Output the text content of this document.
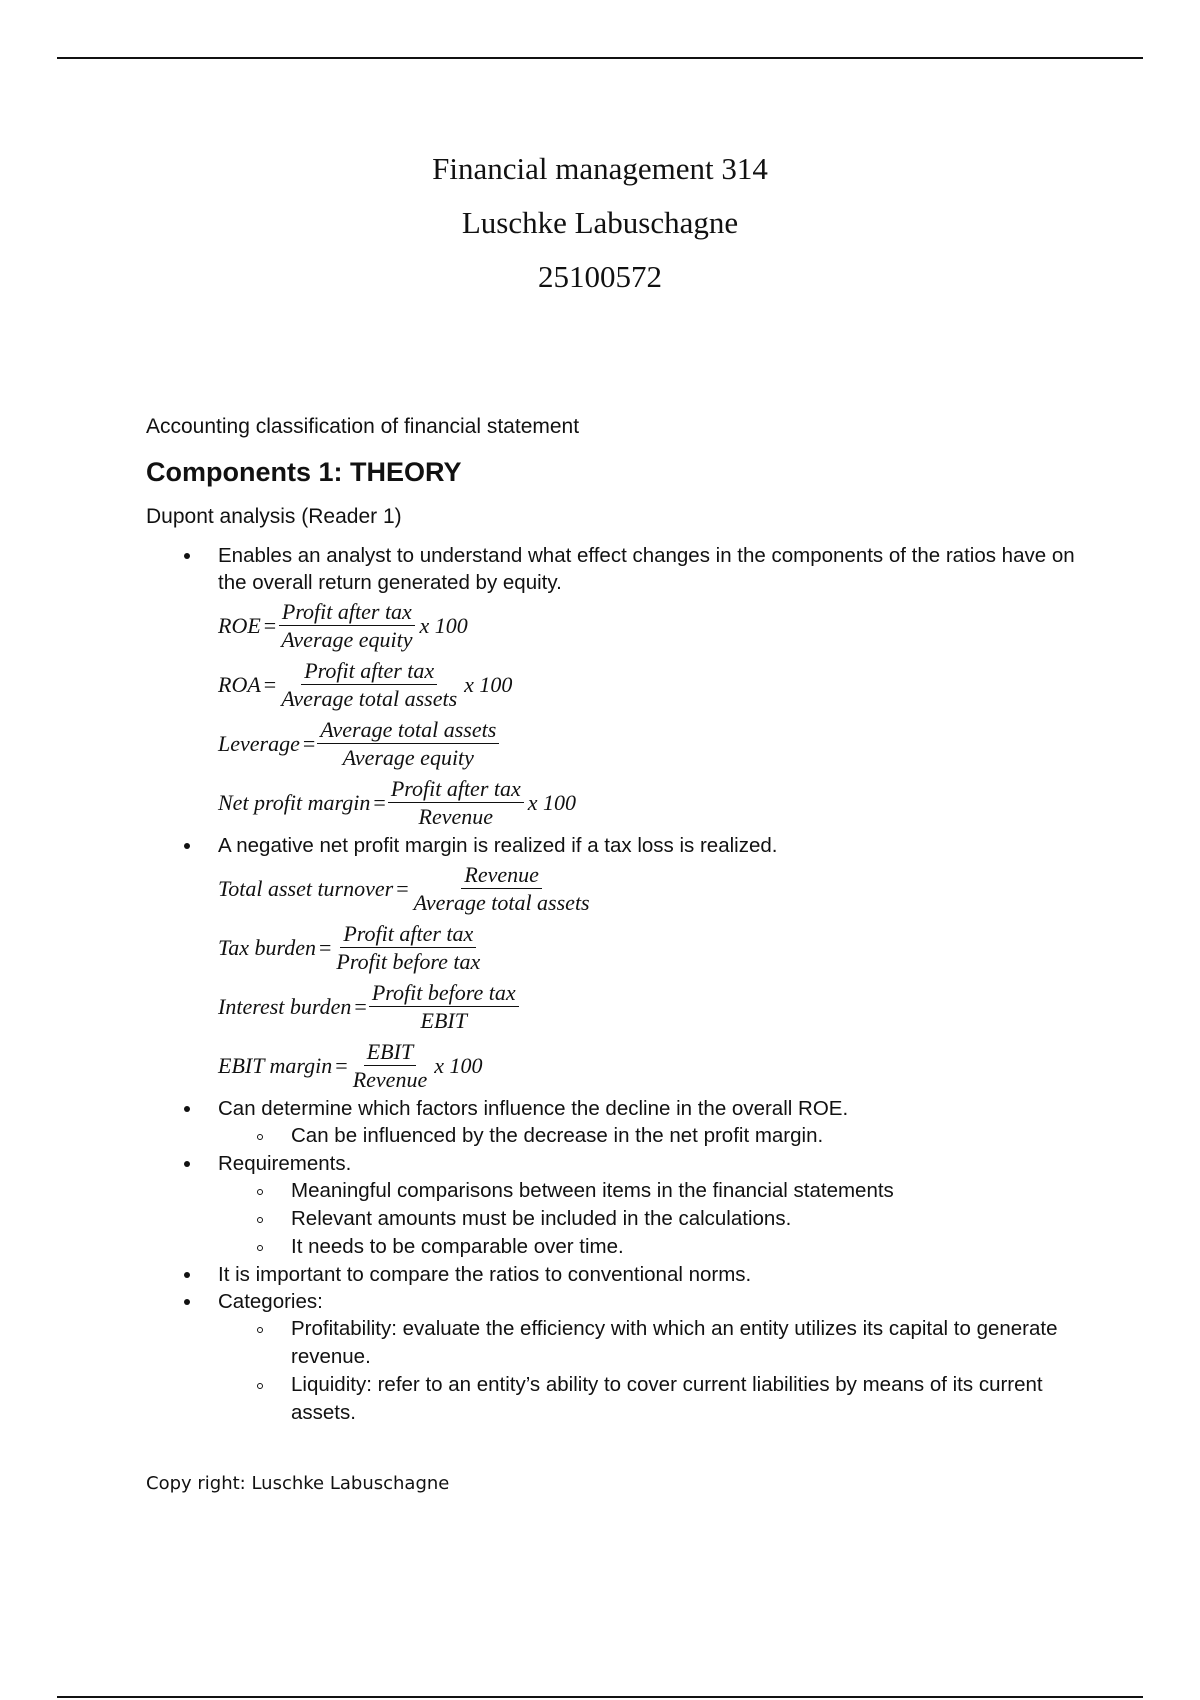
Financial management 314
Luschke Labuschagne
25100572

Accounting classification of financial statement

Components 1: THEORY

Dupont analysis (Reader 1)

Enables an analyst to understand what effect changes in the components of the ratios have on the overall return generated by equity.
ROE = $\frac{\text{Profit after tax}}{\text{Average equity}}$ x 100
ROA = $\frac{\text{Profit after tax}}{\text{Average total assets}}$ x 100
Leverage = $\frac{\text{Average total assets}}{\text{Average equity}}$
Net profit margin = $\frac{\text{Profit after tax}}{\text{Revenue}}$ x 100
A negative net profit margin is realized if a tax loss is realized.
Total asset turnover = $\frac{\text{Revenue}}{\text{Average total assets}}$
Tax burden = $\frac{\text{Profit after tax}}{\text{Profit before tax}}$
Interest burden = $\frac{\text{Profit before tax}}{\text{EBIT}}$
EBIT margin = $\frac{\text{EBIT}}{\text{Revenue}}$ x 100
Can determine which factors influence the decline in the overall ROE.
Can be influenced by the decrease in the net profit margin.
Requirements.
Meaningful comparisons between items in the financial statements
Relevant amounts must be included in the calculations.
It needs to be comparable over time.
It is important to compare the ratios to conventional norms.
Categories:
Profitability: evaluate the efficiency with which an entity utilizes its capital to generate revenue.
Liquidity: refer to an entity’s ability to cover current liabilities by means of its current assets.
Copy right: Luschke Labuschagne
